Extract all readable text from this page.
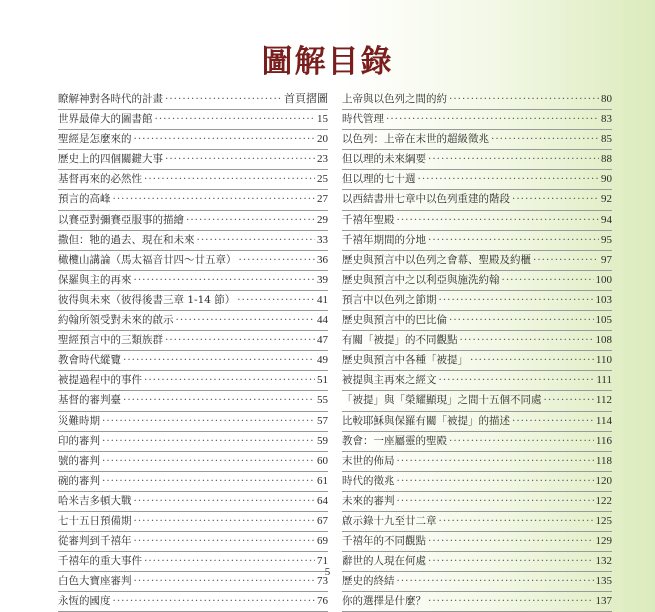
圖解目錄
瞭解神對各時代的計畫 ·····	首頁摺圖
世界最偉大的圖書館 ·····	15
聖經是怎麼來的 ·····	20
歷史上的四個關鍵大事 ·····	23
基督再來的必然性 ·····	25
預言的高峰 ·····	27
以賽亞對彌賽亞服事的描繪 ·····	29
撒但：牠的過去、現在和未來 ·····	33
橄欖山講論（馬太福音廿四～廿五章） ·····	36
保羅與主的再來 ·····	39
彼得與未來（彼得後書三章 1-14 節） ·····	41
約翰所領受對未來的啟示 ·····	44
聖經預言中的三類族群 ·····	47
教會時代縱覽 ·····	49
被提過程中的事件 ·····	51
基督的審判臺 ·····	55
災難時期 ·····	57
印的審判 ·····	59
號的審判 ·····	60
碗的審判 ·····	61
哈米吉多頓大戰 ·····	64
七十五日預備期 ·····	67
從審判到千禧年 ·····	69
千禧年的重大事件 ·····	71
白色大寶座審判 ·····	73
永恆的國度 ·····	76
上帝與以色列之間的約 ·····	80
時代管理 ·····	83
以色列：上帝在末世的超級徵兆 ·····	85
但以理的未來綱要 ·····	88
但以理的七十週 ·····	90
以西結書卅七章中以色列重建的階段 ·····	92
千禧年聖殿 ·····	94
千禧年期間的分地 ·····	95
歷史與預言中以色列之會幕、聖殿及約櫃 ·····	97
歷史與預言中之以利亞與施洗約翰 ·····	100
預言中以色列之節期 ·····	103
歷史與預言中的巴比倫 ·····	105
有關「被提」的不同觀點 ·····	108
歷史與預言中各種「被提」 ·····	110
被提與主再來之經文 ·····	111
「被提」與「榮耀顯現」之間十五個不同處 ·····	112
比較耶穌與保羅有關「被提」的描述 ·····	114
教會：一座屬靈的聖殿 ·····	116
末世的佈局 ·····	118
時代的徵兆 ·····	120
未來的審判 ·····	122
啟示錄十九至廿二章 ·····	125
千禧年的不同觀點 ·····	129
辭世的人現在何處 ·····	132
歷史的終結 ·····	135
你的選擇是什麼？ ·····	137
5
